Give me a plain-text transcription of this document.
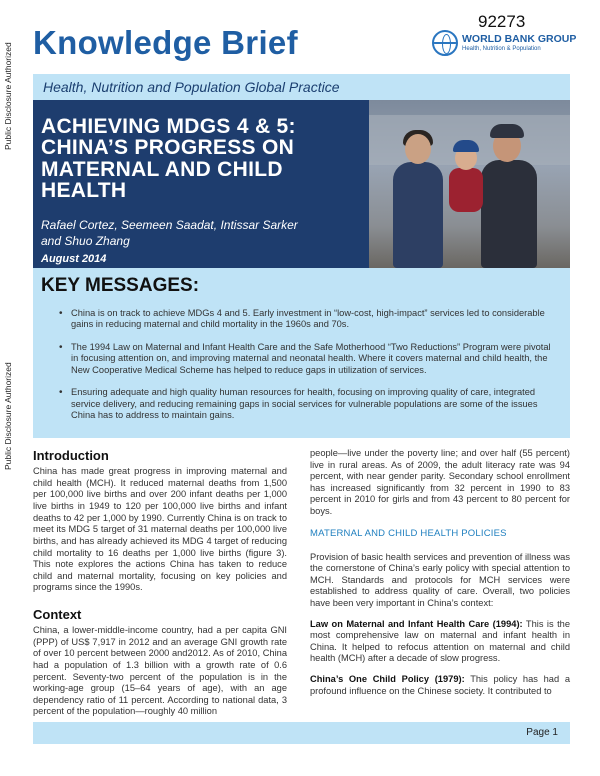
Public Disclosure Authorized
Public Disclosure Authorized
92273
Knowledge Brief	WORLD BANK GROUP
Health, Nutrition & Population
Health, Nutrition and Population Global Practice
ACHIEVING MDGS 4 & 5: CHINA’S PROGRESS ON MATERNAL AND CHILD HEALTH
Rafael Cortez, Seemeen Saadat, Intissar Sarker and Shuo Zhang
August 2014
KEY MESSAGES:
• China is on track to achieve MDGs 4 and 5. Early investment in “low-cost, high-impact” services led to considerable gains in reducing maternal and child mortality in the 1960s and 70s.
• The 1994 Law on Maternal and Infant Health Care and the Safe Motherhood “Two Reductions” Program were pivotal in focusing attention on, and improving maternal and neonatal health. Where it covers maternal and child health, the New Cooperative Medical Scheme has helped to reduce gaps in utilization of services.
• Ensuring adequate and high quality human resources for health, focusing on improving quality of care, integrated service delivery, and reducing remaining gaps in social services for vulnerable populations are some of the issues China has to address to maintain gains.
Introduction

China has made great progress in improving maternal and child health (MCH). It reduced maternal deaths from 1,500 per 100,000 live births and over 200 infant deaths per 1,000 live births in 1949 to 120 per 100,000 live births and infant deaths to 42 per 1,000 by 1990. Currently China is on track to meet its MDG 5 target of 31 maternal deaths per 100,000 live births, and has already achieved its MDG 4 target of reducing child mortality to 16 deaths per 1,000 live births (figure 3). This note explores the actions China has taken to reduce child and maternal mortality, focusing on key policies and programs since the 1990s.

Context

China, a lower-middle-income country, had a per capita GNI (PPP) of US$ 7,917 in 2012 and an average GNI growth rate of over 10 percent between 2000 and2012. As of 2010, China had a population of 1.3 billion with a growth rate of 0.6 percent. Seventy-two percent of the population is in the working-age group (15–64 years of age), with an age dependency ratio of 11 percent. According to national data, 3 percent of the population—roughly 40 million

people—live under the poverty line; and over half (55 percent) live in rural areas. As of 2009, the adult literacy rate was 94 percent, with near gender parity. Secondary school enrollment has increased significantly from 32 percent in 1990 to 83 percent in 2010 for girls and from 43 percent to 80 percent for boys.

MATERNAL AND CHILD HEALTH POLICIES

Provision of basic health services and prevention of illness was the cornerstone of China’s early policy with special attention to MCH. Standards and protocols for MCH services were established to address quality of care. Overall, two policies have been very important in China’s context:

Law on Maternal and Infant Health Care (1994): This is the most comprehensive law on maternal and infant health in China. It helped to refocus attention on maternal and child health (MCH) after a decade of slow progress.

China’s One Child Policy (1979): This policy has had a profound influence on the Chinese society. It contributed to

Page 1
